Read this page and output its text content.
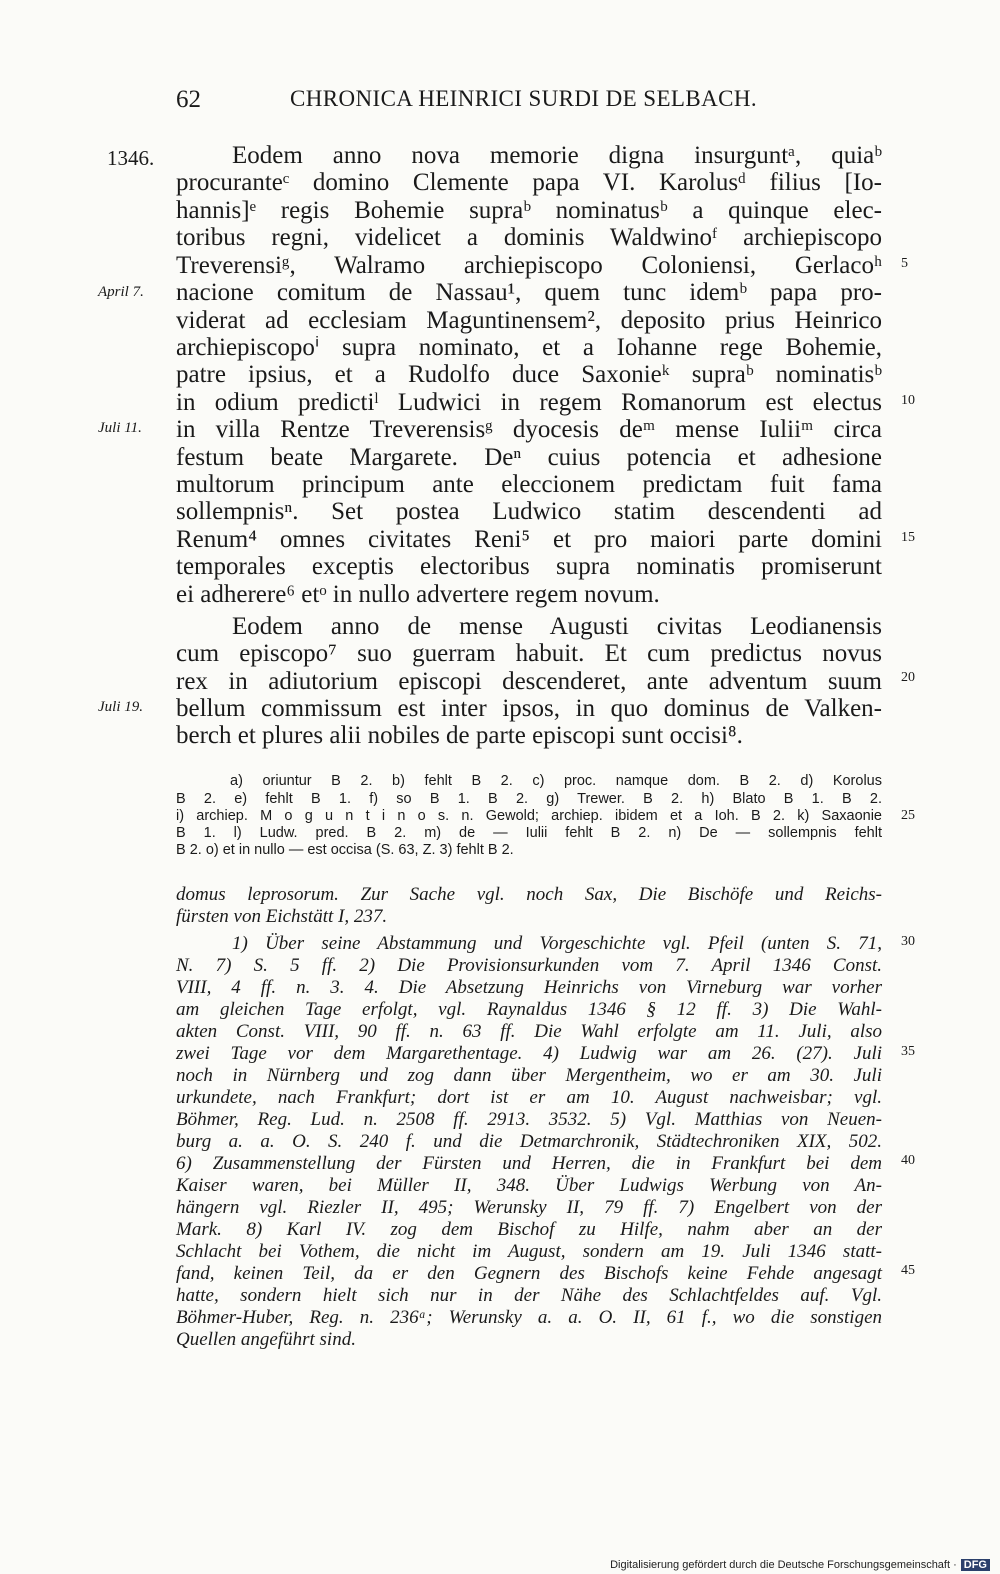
62	CHRONICA HEINRICI SURDI DE SELBACH.
1346.
April 7.
Juli 11.
Juli 19.
5
10
15
20
25
30
35
40
45
Eodem anno nova memorie digna insurguntᵃ, quiaᵇ
procuranteᶜ domino Clemente papa VI. Karolusᵈ filius [Io-
hannis]ᵉ regis Bohemie supraᵇ nominatusᵇ a quinque elec-
toribus regni, videlicet a dominis Waldwinoᶠ archiepiscopo
Treverensiᵍ, Walramo archiepiscopo Coloniensi, Gerlacoʰ
nacione comitum de Nassau¹, quem tunc idemᵇ papa pro-
viderat ad ecclesiam Maguntinensem², deposito prius Heinrico
archiepiscopoⁱ supra nominato, et a Iohanne rege Bohemie,
patre ipsius, et a Rudolfo duce Saxonieᵏ supraᵇ nominatisᵇ
in odium predictiˡ Ludwici in regem Romanorum est electus
in villa Rentze Treverensisᵍ dyocesis deᵐ mense Iuliiᵐ circa
festum beate Margarete. Deⁿ cuius potencia et adhesione
multorum principum ante eleccionem predictam fuit fama
sollempnisⁿ. Set postea Ludwico statim descendenti ad
Renum⁴ omnes civitates Reni⁵ et pro maiori parte domini
temporales exceptis electoribus supra nominatis promiserunt
ei adherere⁶ etᵒ in nullo advertere regem novum.
Eodem anno de mense Augusti civitas Leodianensis
cum episcopo⁷ suo guerram habuit. Et cum predictus novus
rex in adiutorium episcopi descenderet, ante adventum suum
bellum commissum est inter ipsos, in quo dominus de Valken-
berch et plures alii nobiles de parte episcopi sunt occisi⁸.
a) oriuntur B 2. b) fehlt B 2. c) proc. namque dom. B 2. d) Korolus
B 2. e) fehlt B 1. f) so B 1. B 2. g) Trewer. B 2. h) Blato B 1. B 2.
i) archiep. M o g u n t i n o s. n. Gewold; archiep. ibidem et a Ioh. B 2. k) Saxaonie
B 1. l) Ludw. pred. B 2. m) de — Iulii fehlt B 2. n) De — sollempnis fehlt
B 2. o) et in nullo — est occisa (S. 63, Z. 3) fehlt B 2.
domus leprosorum. Zur Sache vgl. noch Sax, Die Bischöfe und Reichs-
fürsten von Eichstätt I, 237.
1) Über seine Abstammung und Vorgeschichte vgl. Pfeil (unten S. 71,
N. 7) S. 5 ff. 2) Die Provisionsurkunden vom 7. April 1346 Const.
VIII, 4 ff. n. 3. 4. Die Absetzung Heinrichs von Virneburg war vorher
am gleichen Tage erfolgt, vgl. Raynaldus 1346 § 12 ff. 3) Die Wahl-
akten Const. VIII, 90 ff. n. 63 ff. Die Wahl erfolgte am 11. Juli, also
zwei Tage vor dem Margarethentage. 4) Ludwig war am 26. (27). Juli
noch in Nürnberg und zog dann über Mergentheim, wo er am 30. Juli
urkundete, nach Frankfurt; dort ist er am 10. August nachweisbar; vgl.
Böhmer, Reg. Lud. n. 2508 ff. 2913. 3532. 5) Vgl. Matthias von Neuen-
burg a. a. O. S. 240 f. und die Detmarchronik, Städtechroniken XIX, 502.
6) Zusammenstellung der Fürsten und Herren, die in Frankfurt bei dem
Kaiser waren, bei Müller II, 348. Über Ludwigs Werbung von An-
hängern vgl. Riezler II, 495; Werunsky II, 79 ff. 7) Engelbert von der
Mark. 8) Karl IV. zog dem Bischof zu Hilfe, nahm aber an der
Schlacht bei Vothem, die nicht im August, sondern am 19. Juli 1346 statt-
fand, keinen Teil, da er den Gegnern des Bischofs keine Fehde angesagt
hatte, sondern hielt sich nur in der Nähe des Schlachtfeldes auf. Vgl.
Böhmer-Huber, Reg. n. 236ᵃ; Werunsky a. a. O. II, 61 f., wo die sonstigen
Quellen angeführt sind.
Digitalisierung gefördert durch die Deutsche Forschungsgemeinschaft · DFG
